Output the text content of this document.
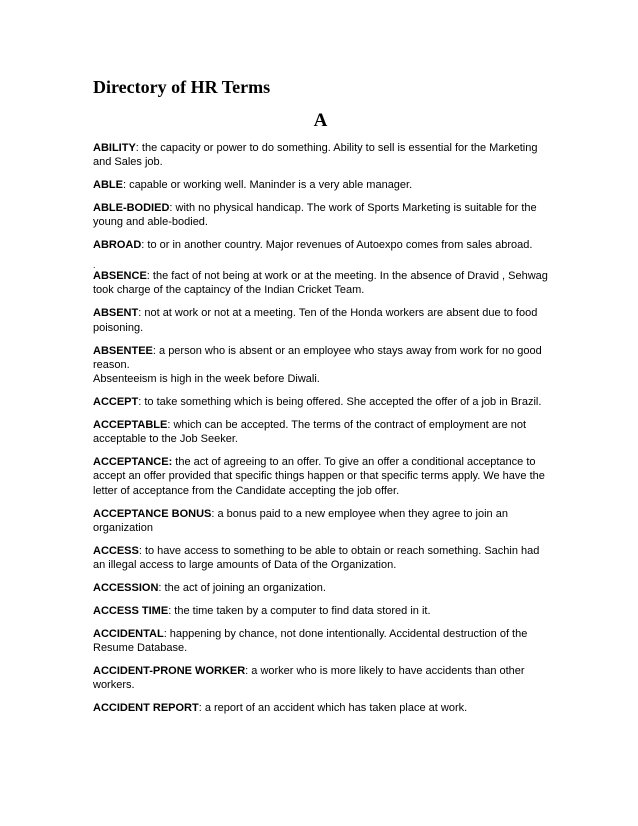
Directory of HR Terms
A

ABILITY: the capacity or power to do something. Ability to sell is essential for the Marketing and Sales job.

ABLE: capable or working well. Maninder is a very able manager.

ABLE-BODIED: with no physical handicap. The work of Sports Marketing is suitable for the young and able-bodied.

ABROAD: to or in another country. Major revenues of Autoexpo comes from sales abroad.

.
ABSENCE: the fact of not being at work or at the meeting. In the absence of Dravid , Sehwag took charge of the captaincy of the Indian Cricket Team.

ABSENT: not at work or not at a meeting. Ten of the Honda workers are absent due to food poisoning.

ABSENTEE: a person who is absent or an employee who stays away from work for no good reason.
Absenteeism is high in the week before Diwali.

ACCEPT: to take something which is being offered. She accepted the offer of a job in Brazil.

ACCEPTABLE: which can be accepted. The terms of the contract of employment are not acceptable to the Job Seeker.

ACCEPTANCE: the act of agreeing to an offer. To give an offer a conditional acceptance to accept an offer provided that specific things happen or that specific terms apply. We have the letter of acceptance from the Candidate accepting the job offer.

ACCEPTANCE BONUS: a bonus paid to a new employee when they agree to join an organization

ACCESS: to have access to something to be able to obtain or reach something. Sachin had an illegal access to large amounts of Data of the Organization.

ACCESSION: the act of joining an organization.

ACCESS TIME: the time taken by a computer to find data stored in it.

ACCIDENTAL: happening by chance, not done intentionally. Accidental destruction of the Resume Database.

ACCIDENT-PRONE WORKER: a worker who is more likely to have accidents than other workers.

ACCIDENT REPORT: a report of an accident which has taken place at work.
